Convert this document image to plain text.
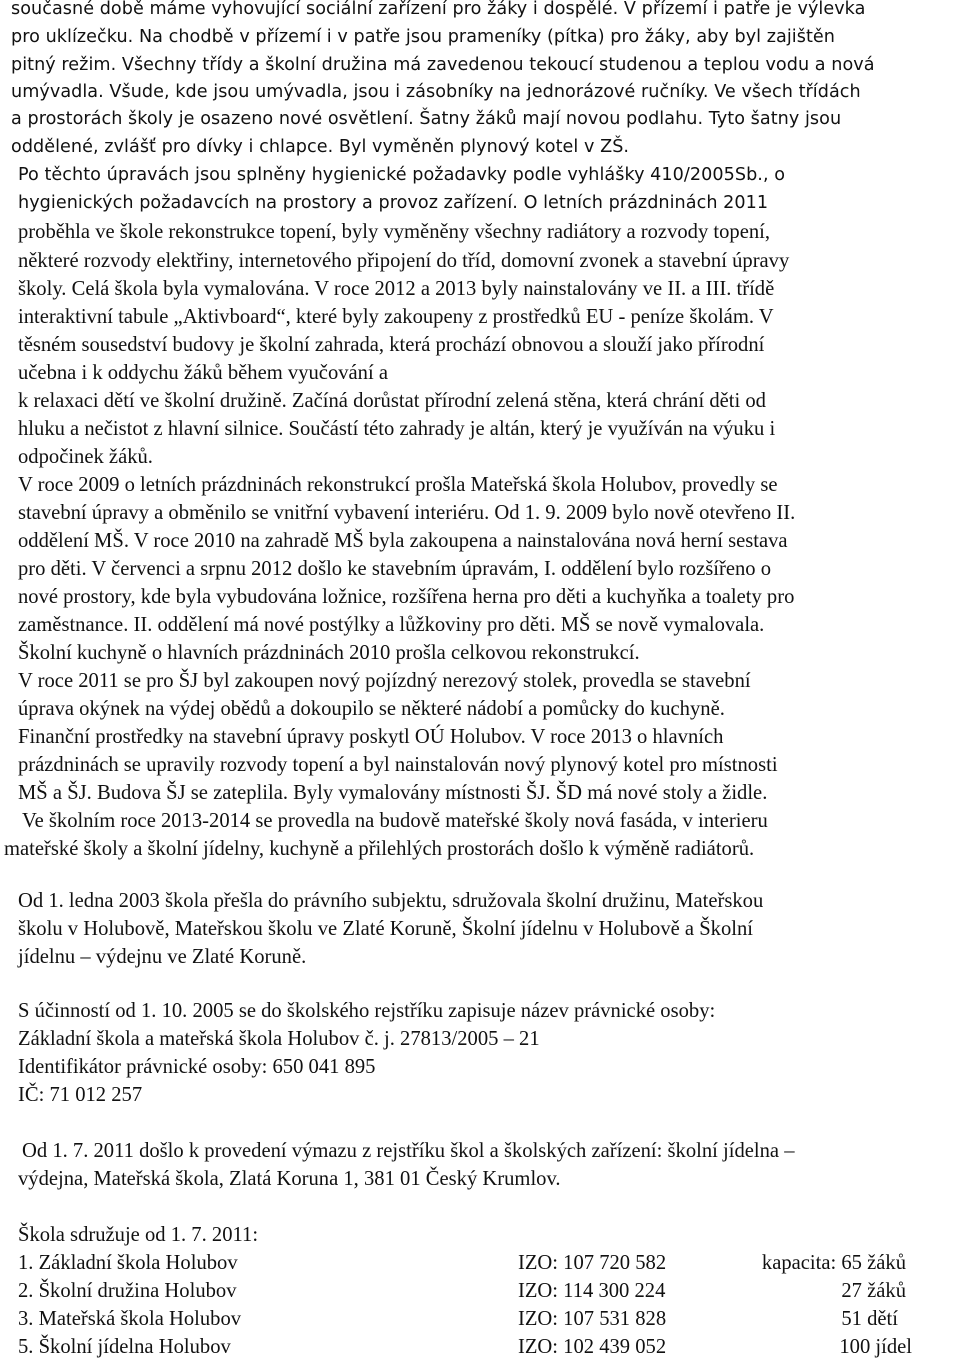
současné době máme vyhovující sociální zařízení pro žáky i dospělé. V přízemí i patře je výlevka
pro uklízečku. Na chodbě v přízemí i v patře jsou prameníky (pítka) pro žáky, aby byl zajištěn
pitný režim. Všechny třídy a školní družina má zavedenou tekoucí studenou a teplou vodu a nová
umývadla. Všude, kde jsou umývadla, jsou i zásobníky na jednorázové ručníky. Ve všech třídách
a prostorách školy je osazeno nové osvětlení. Šatny žáků mají novou podlahu. Tyto šatny jsou
oddělené, zvlášť pro dívky i chlapce. Byl vyměněn plynový kotel v ZŠ.
Po těchto úpravách jsou splněny hygienické požadavky podle vyhlášky 410/2005Sb., o
hygienických požadavcích na prostory a provoz zařízení. O letních prázdninách 2011
proběhla ve škole rekonstrukce topení, byly vyměněny všechny radiátory a rozvody topení,
některé rozvody elektřiny, internetového připojení do tříd, domovní zvonek a stavební úpravy
školy. Celá škola byla vymalována. V roce 2012 a 2013 byly nainstalovány ve II. a III. třídě
interaktivní tabule „Aktivboard“, které byly zakoupeny z prostředků EU - peníze školám. V
těsném sousedství budovy je školní zahrada, která prochází obnovou a slouží jako přírodní
učebna i k oddychu žáků během vyučování a
k relaxaci dětí ve školní družině. Začíná dorůstat přírodní zelená stěna, která chrání děti od
hluku a nečistot z hlavní silnice. Součástí této zahrady je altán, který je využíván na výuku i
odpočinek žáků.
V roce 2009 o letních prázdninách rekonstrukcí prošla Mateřská škola Holubov, provedly se
stavební úpravy a obměnilo se vnitřní vybavení interiéru. Od 1. 9. 2009 bylo nově otevřeno II.
oddělení MŠ. V roce 2010 na zahradě MŠ byla zakoupena a nainstalována nová herní sestava
pro děti. V červenci a srpnu 2012 došlo ke stavebním úpravám, I. oddělení bylo rozšířeno o
nové prostory, kde byla vybudována ložnice, rozšířena herna pro děti a kuchyňka a toalety pro
zaměstnance. II. oddělení má nové postýlky a lůžkoviny pro děti. MŠ se nově vymalovala.
Školní kuchyně o hlavních prázdninách 2010 prošla celkovou rekonstrukcí.
V roce 2011 se pro ŠJ byl zakoupen nový pojízdný nerezový stolek, provedla se stavební
úprava okýnek na výdej obědů a dokoupilo se některé nádobí a pomůcky do kuchyně.
Finanční prostředky na stavební úpravy poskytl OÚ Holubov. V roce 2013 o hlavních
prázdninách se upravily rozvody topení a byl nainstalován nový plynový kotel pro místnosti
MŠ a ŠJ. Budova ŠJ se zateplila. Byly vymalovány místnosti ŠJ. ŠD má nové stoly a židle.
Ve školním roce 2013-2014 se provedla na budově mateřské školy nová fasáda, v interieru
mateřské školy a školní jídelny, kuchyně a přilehlých prostorách došlo k výměně radiátorů.
Od 1. ledna 2003 škola přešla do právního subjektu, sdružovala školní družinu, Mateřskou
školu v Holubově, Mateřskou školu ve Zlaté Koruně, Školní jídelnu v Holubově a Školní
jídelnu – výdejnu ve Zlaté Koruně.
S účinností od 1. 10. 2005 se do školského rejstříku zapisuje název právnické osoby:
Základní škola a mateřská škola Holubov č. j. 27813/2005 – 21
Identifikátor právnické osoby: 650 041 895
IČ: 71 012 257
Od 1. 7. 2011 došlo k provedení výmazu z rejstříku škol a školských zařízení: školní jídelna –
výdejna, Mateřská škola, Zlatá Koruna 1, 381 01 Český Krumlov.
Škola sdružuje od 1. 7. 2011:
1. Základní škola Holubov	IZO: 107 720 582	kapacita: 65 žáků
2. Školní družina Holubov	IZO: 114 300 224	27 žáků
3. Mateřská škola Holubov	IZO: 107 531 828	51 dětí
5. Školní jídelna Holubov	IZO: 102 439 052	100 jídel
